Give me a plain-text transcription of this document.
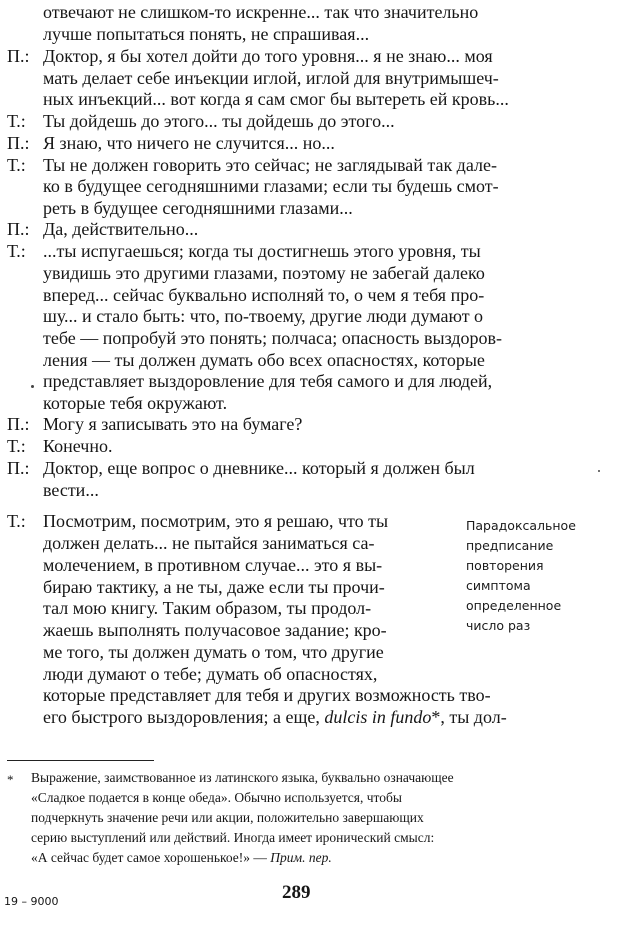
П.:
Т.:
П.:
Т.:
П.:
Т.:
П.:
Т.:
П.:
Т.:
отвечают не слишком-то искренне... так что значительно
лучше попытаться понять, не спрашивая...
Доктор, я бы хотел дойти до того уровня... я не знаю... моя
мать делает себе инъекции иглой, иглой для внутримышеч-
ных инъекций... вот когда я сам смог бы вытереть ей кровь...
Ты дойдешь до этого... ты дойдешь до этого...
Я знаю, что ничего не случится... но...
Ты не должен говорить это сейчас; не заглядывай так дале-
ко в будущее сегодняшними глазами; если ты будешь смот-
реть в будущее сегодняшними глазами...
Да, действительно...
...ты испугаешься; когда ты достигнешь этого уровня, ты
увидишь это другими глазами, поэтому не забегай далеко
вперед... сейчас буквально исполняй то, о чем я тебя про-
шу... и стало быть: что, по-твоему, другие люди думают о
тебе — попробуй это понять; полчаса; опасность выздоров-
ления — ты должен думать обо всех опасностях, которые
представляет выздоровление для тебя самого и для людей,
которые тебя окружают.
Могу я записывать это на бумаге?
Конечно.
Доктор, еще вопрос о дневнике... который я должен был
вести...
Посмотрим, посмотрим, это я решаю, что ты
должен делать... не пытайся заниматься са-
молечением, в противном случае... это я вы-
бираю тактику, а не ты, даже если ты прочи-
тал мою книгу. Таким образом, ты продол-
жаешь выполнять получасовое задание; кро-
ме того, ты должен думать о том, что другие
люди думают о тебе; думать об опасностях,
которые представляет для тебя и других возможность тво-
его быстрого выздоровления; а еще, dulcis in fundo*, ты дол-
Парадоксальное
предписание
повторения
симптома
определенное
число раз
* Выражение, заимствованное из латинского языка, буквально означающее
«Сладкое подается в конце обеда». Обычно используется, чтобы
подчеркнуть значение речи или акции, положительно завершающих
серию выступлений или действий. Иногда имеет иронический смысл:
«А сейчас будет самое хорошенькое!» — Прим. пер.
19 – 9000	289
